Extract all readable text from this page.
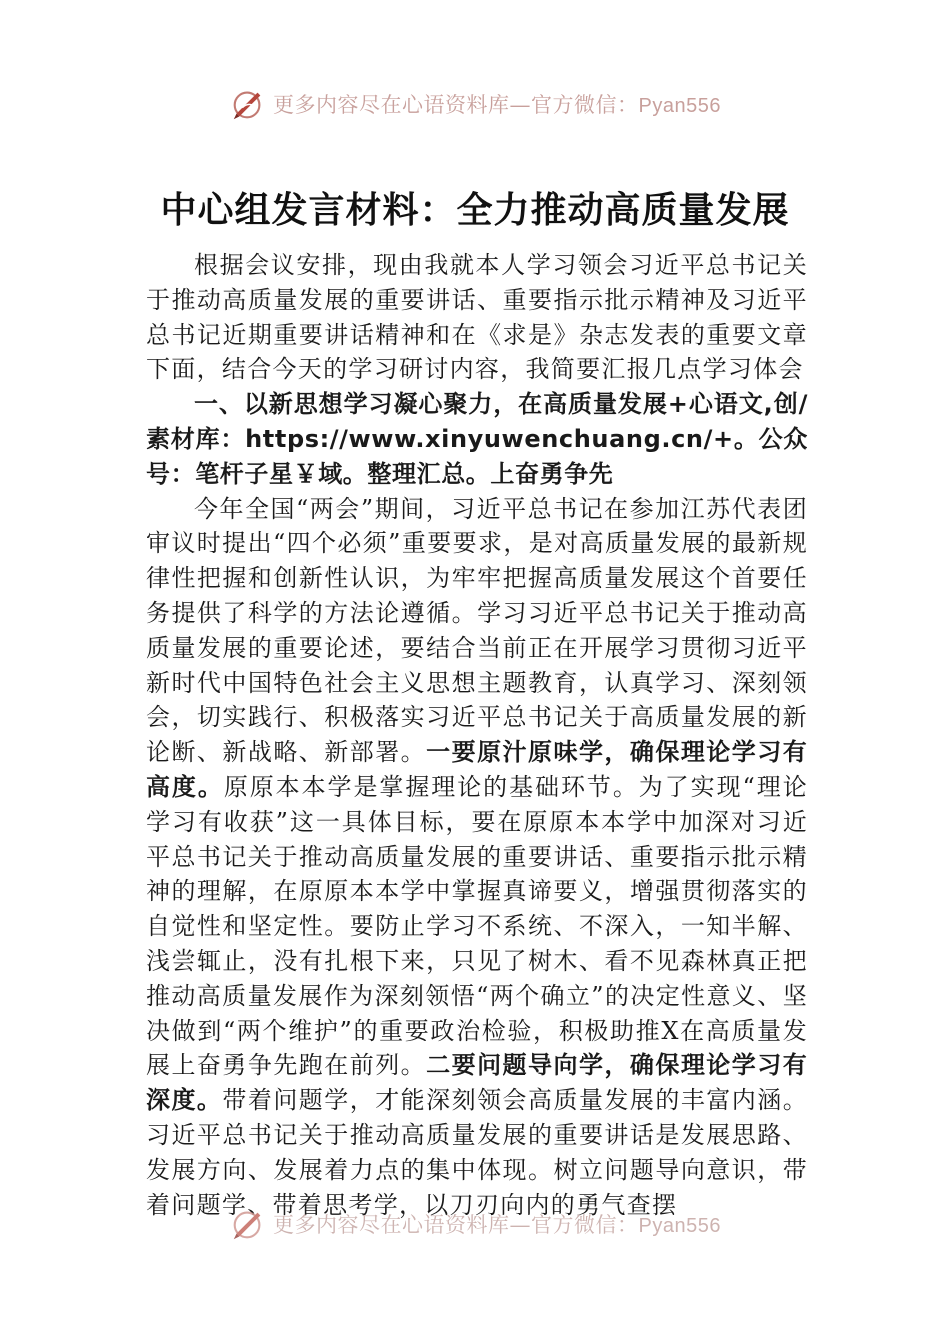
更多内容尽在心语资料库—官方微信：Pyan556
中心组发言材料：全力推动高质量发展

根据会议安排，现由我就本人学习领会习近平总书记关于推动高质量发展的重要讲话、重要指示批示精神及习近平总书记近期重要讲话精神和在《求是》杂志发表的重要文章下面，结合今天的学习研讨内容，我简要汇报几点学习体会

一、以新思想学习凝心聚力，在高质量发展+心语文,创/素材库：https://www.xinyuwenchuang.cn/+。公众号：笔杆子星￥域。整理汇总。上奋勇争先

今年全国“两会”期间，习近平总书记在参加江苏代表团审议时提出“四个必须”重要要求，是对高质量发展的最新规律性把握和创新性认识，为牢牢把握高质量发展这个首要任务提供了科学的方法论遵循。学习习近平总书记关于推动高质量发展的重要论述，要结合当前正在开展学习贯彻习近平新时代中国特色社会主义思想主题教育，认真学习、深刻领会，切实践行、积极落实习近平总书记关于高质量发展的新论断、新战略、新部署。一要原汁原味学，确保理论学习有高度。原原本本学是掌握理论的基础环节。为了实现“理论学习有收获”这一具体目标，要在原原本本学中加深对习近平总书记关于推动高质量发展的重要讲话、重要指示批示精神的理解，在原原本本学中掌握真谛要义，增强贯彻落实的自觉性和坚定性。要防止学习不系统、不深入，一知半解、浅尝辄止，没有扎根下来，只见了树木、看不见森林真正把推动高质量发展作为深刻领悟“两个确立”的决定性意义、坚决做到“两个维护”的重要政治检验，积极助推X在高质量发展上奋勇争先跑在前列。二要问题导向学，确保理论学习有深度。带着问题学，才能深刻领会高质量发展的丰富内涵。习近平总书记关于推动高质量发展的重要讲话是发展思路、发展方向、发展着力点的集中体现。树立问题导向意识，带着问题学、带着思考学，以刀刃向内的勇气查摆

更多内容尽在心语资料库—官方微信：Pyan556
